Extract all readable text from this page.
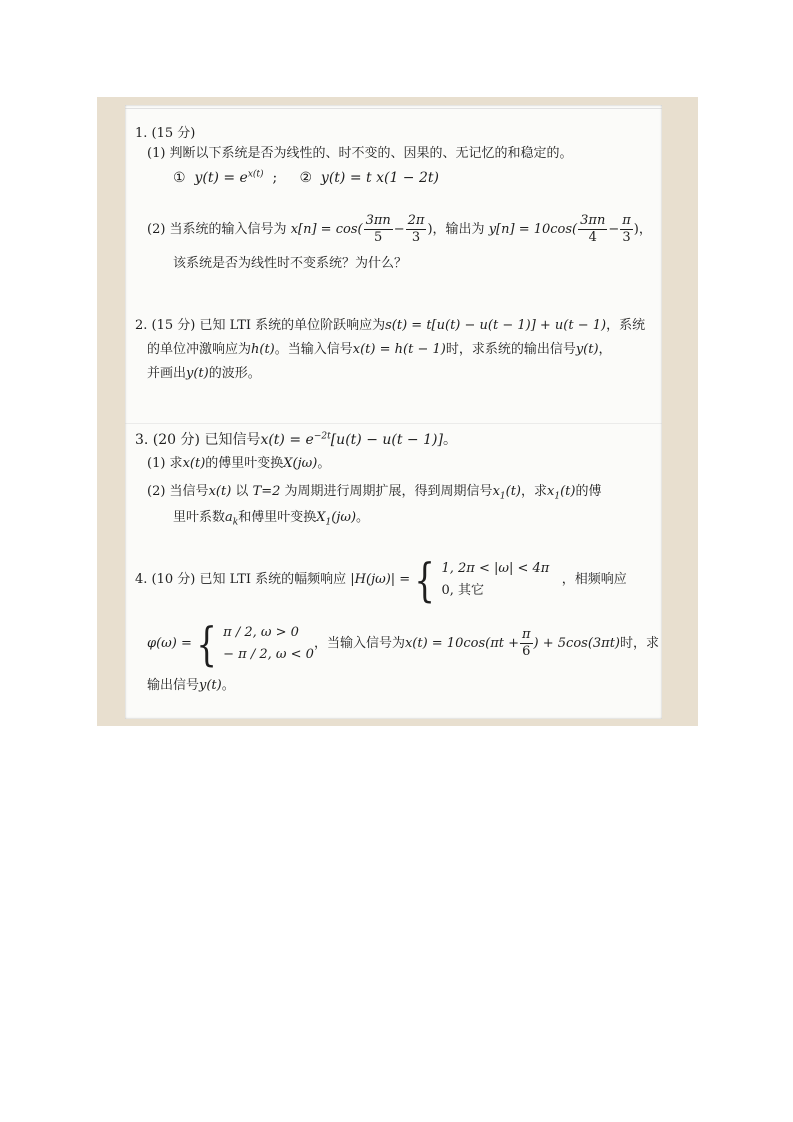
1. (15 分)
(1) 判断以下系统是否为线性的、时不变的、因果的、无记忆的和稳定的。
① $y(t) = e^{x(t)}$ ; ② y(t) = t x(1 − 2t)
(2) 当系统的输入信号为 $x[n] = \cos( \frac{3\pi n}{5} - \frac{2\pi}{3}$ )，输出为 $y[n] = 10\cos( \frac{3\pi n}{4} - \frac{\pi}{3}$ )，
该系统是否为线性时不变系统？为什么？
2. (15 分) 已知 LTI 系统的单位阶跃响应为s(t) = t[u(t) − u(t − 1)] + u(t − 1)，系统
的单位冲激响应为h(t)。当输入信号x(t) = h(t − 1)时，求系统的输出信号y(t)，
并画出y(t)的波形。
3. (20 分) 已知信号$x(t) = e^{-2t}[u(t) - u(t - 1)]$。
(1) 求x(t)的傅里叶变换X(jω)。
(2) 当信号x(t) 以 T=2 为周期进行周期扩展，得到周期信号$x_1(t)$，求$x_1(t)$的傅
里叶系数$a_k$和傅里叶变换$X_1(j\omega)$。
4. (10 分) 已知 LTI 系统的幅频响应 |H(jω)| ={ 1, 2π < |ω| < 4π
0, 其它
，相频响应
φ(ω) ={ π / 2, ω > 0
− π / 2, ω < 0
，当输入信号为$x(t) = 10\cos(\pi t + \frac{\pi}{6}$ ) + 5cos(3πt)时，求
输出信号y(t)。
